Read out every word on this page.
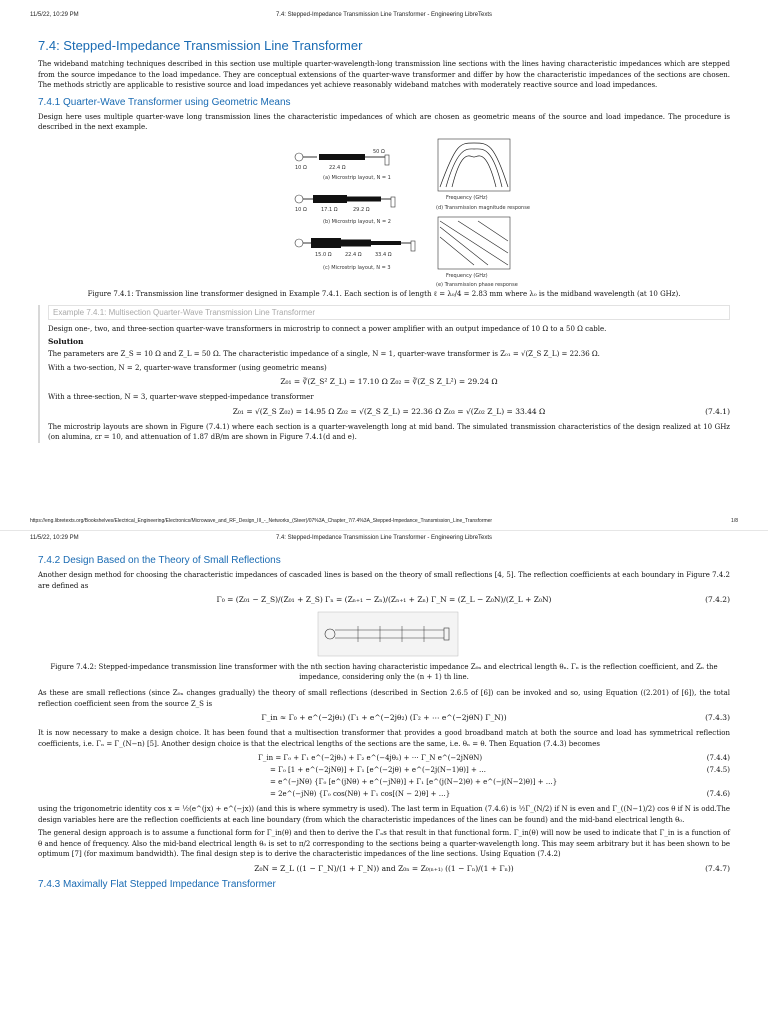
11/5/22, 10:29 PM	7.4: Stepped-Impedance Transmission Line Transformer - Engineering LibreTexts
7.4: Stepped-Impedance Transmission Line Transformer

The wideband matching techniques described in this section use multiple quarter-wavelength-long transmission line sections with the lines having characteristic impedances which are stepped from the source impedance to the load impedance. They are conceptual extensions of the quarter-wave transformer and differ by how the characteristic impedances of the sections are chosen. The methods strictly are applicable to resistive source and load impedances yet achieve reasonably wideband matches with moderately reactive source and load impedances.

7.4.1 Quarter-Wave Transformer using Geometric Means

Design here uses multiple quarter-wave long transmission lines the characteristic impedances of which are chosen as geometric means of the source and load impedance. The procedure is described in the next example.

10 Ω	22.4 Ω
50 Ω
(a) Microstrip layout, N = 1
10 Ω	17.1 Ω	29.2 Ω
(b) Microstrip layout, N = 2
15.0 Ω	22.4 Ω	33.4 Ω
(c) Microstrip layout, N = 3
Frequency (GHz)
(d) Transmission magnitude response
Frequency (GHz)
(e) Transmission phase response
Figure 7.4.1: Transmission line transformer designed in Example 7.4.1. Each section is of length ℓ = λ₀/4 = 2.83 mm where λ₀ is the midband wavelength (at 10 GHz).
Example 7.4.1: Multisection Quarter-Wave Transmission Line Transformer

Design one-, two, and three-section quarter-wave transformers in microstrip to connect a power amplifier with an output impedance of 10 Ω to a 50 Ω cable.

Solution

The parameters are Z_S = 10 Ω and Z_L = 50 Ω. The characteristic impedance of a single, N = 1, quarter-wave transformer is Z₀₁ = √(Z_S Z_L) = 22.36 Ω.

With a two-section, N = 2, quarter-wave transformer (using geometric means)

Z₀₁ = ∛(Z_S² Z_L) = 17.10 Ω Z₀₂ = ∛(Z_S Z_L²) = 29.24 Ω

With a three-section, N = 3, quarter-wave stepped-impedance transformer

Z₀₁ = √(Z_S Z₀₂) = 14.95 Ω Z₀₂ = √(Z_S Z_L) = 22.36 Ω Z₀₃ = √(Z₀₂ Z_L) = 33.44 Ω	(7.4.1)

The microstrip layouts are shown in Figure (7.4.1) where each section is a quarter-wavelength long at mid band. The simulated transmission characteristics of the design realized at 10 GHz (on alumina, εr = 10, and attenuation of 1.87 dB/m are shown in Figure 7.4.1(d and e).

https://eng.libretexts.org/Bookshelves/Electrical_Engineering/Electronics/Microwave_and_RF_Design_III_-_Networks_(Steer)/07%3A_Chapter_7/7.4%3A_Stepped-Impedance_Transmission_Line_Transformer	1/8
11/5/22, 10:29 PM	7.4: Stepped-Impedance Transmission Line Transformer - Engineering LibreTexts
7.4.2 Design Based on the Theory of Small Reflections

Another design method for choosing the characteristic impedances of cascaded lines is based on the theory of small reflections [4, 5]. The reflection coefficients at each boundary in Figure 7.4.2 are defined as

Γ₀ = (Z₀₁ − Z_S)/(Z₀₁ + Z_S) Γₙ = (Zₙ₊₁ − Zₙ)/(Zₙ₊₁ + Zₙ) Γ_N = (Z_L − Z₀N)/(Z_L + Z₀N)	(7.4.2)
Figure 7.4.2: Stepped-impedance transmission line transformer with the nth section having characteristic impedance Z₀ₙ and electrical length θₙ. Γₙ is the reflection coefficient, and Zₙ the impedance, considering only the (n + 1) th line.

As these are small reflections (since Z₀ₙ changes gradually) the theory of small reflections (described in Section 2.6.5 of [6]) can be invoked and so, using Equation ((2.201) of [6]), the total reflection coefficient seen from the source Z_S is

Γ_in ≈ Γ₀ + e^(−2jθ₁) (Γ₁ + e^(−2jθ₂) (Γ₂ + ⋯ e^(−2jθN) Γ_N))	(7.4.3)

It is now necessary to make a design choice. It has been found that a multisection transformer that provides a good broadband match at both the source and load has symmetrical reflection coefficients, i.e. Γₙ = Γ_(N−n) [5]. Another design choice is that the electrical lengths of the sections are the same, i.e. θₙ = θ. Then Equation (7.4.3) becomes

Γ_in = Γ₀ + Γ₁ e^(−2jθ₁) + Γ₂ e^(−4jθ₂) + ⋯ Γ_N e^(−2jNθN)	(7.4.4)
= Γ₀ [1 + e^(−2jNθ)] + Γ₁ [e^(−2jθ) + e^(−2j(N−1)θ)] + …	(7.4.5)
= e^(−jNθ) {Γ₀ [e^(jNθ) + e^(−jNθ)] + Γ₁ [e^(j(N−2)θ) + e^(−j(N−2)θ)] + …}
= 2e^(−jNθ) {Γ₀ cos(Nθ) + Γ₁ cos[(N − 2)θ] + …}	(7.4.6)

using the trigonometric identity cos x = ½(e^(jx) + e^(−jx)) (and this is where symmetry is used). The last term in Equation (7.4.6) is ½Γ_(N/2) if N is even and Γ_((N−1)/2) cos θ if N is odd.The design variables here are the reflection coefficients at each line boundary (from which the characteristic impedances of the lines can be found) and the mid-band electrical length θ₀.

The general design approach is to assume a functional form for Γ_in(θ) and then to derive the Γₙs that result in that functional form. Γ_in(θ) will now be used to indicate that Γ_in is a function of θ and hence of frequency. Also the mid-band electrical length θ₀ is set to π/2 corresponding to the sections being a quarter-wavelength long. This may seem arbitrary but it has been shown to be optimum [7] (for maximum bandwidth). The final design step is to derive the characteristic impedances of the line sections. Using Equation (7.4.2)

Z₀N = Z_L ((1 − Γ_N)/(1 + Γ_N)) and Z₀ₙ = Z₀₍ₙ₊₁₎ ((1 − Γₙ)/(1 + Γₙ))	(7.4.7)
7.4.3 Maximally Flat Stepped Impedance Transformer
